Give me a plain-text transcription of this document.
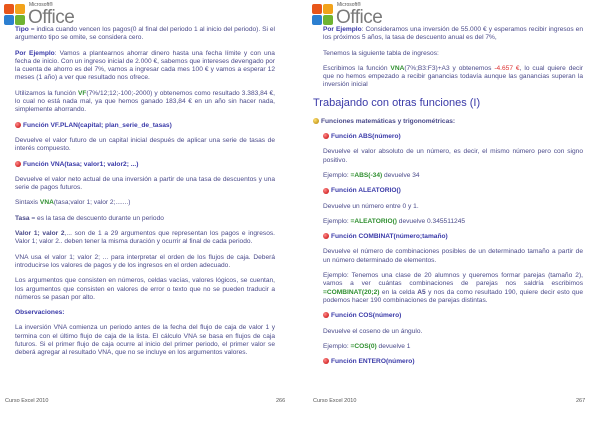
Microsoft®
Office
Microsoft®
Office

Tipo = indica cuando vencen los pagos(0 al final del periodo 1 al inicio del periodo). Si el argumento tipo se omite, se considera cero.

Por Ejemplo: Vamos a plantearnos ahorrar dinero hasta una fecha límite y con una fecha de inicio. Con un ingreso inicial de 2.000 €, sabemos que intereses devengado por la cuenta de ahorro es del 7%, vamos a ingresar cada mes 100 € y vamos a esperar 12 meses (1 año) a ver que resultado nos ofrece.

Utilizamos la función VF(7%/12;12;-100;-2000) y obtenemos como resultado 3.383,84 €, lo cual no está nada mal, ya que hemos ganado 183,84 € en un año sin hacer nada, simplemente ahorrando.

Función VF.PLAN(capital; plan_serie_de_tasas)

Devuelve el valor futuro de un capital inicial después de aplicar una serie de tasas de interés compuesto.

Función VNA(tasa; valor1; valor2; ...)

Devuelve el valor neto actual de una inversión a partir de una tasa de descuentos y una serie de pagos futuros.

Sintaxis VNA(tasa;valor 1; valor 2;.......)

Tasa = es la tasa de descuento durante un periodo

Valor 1; valor 2,... son de 1 a 29 argumentos que representan los pagos e ingresos. Valor 1; valor 2.. deben tener la misma duración y ocurrir al final de cada periodo.

VNA usa el valor 1; valor 2; ... para interpretar el orden de los flujos de caja. Deberá introducirse los valores de pagos y de los ingresos en el orden adecuado.

Los argumentos que consisten en números, celdas vacías, valores lógicos, se cuentan, los argumentos que consisten en valores de error o texto que no se pueden traducir a números se pasan por alto.

Observaciones:

La inversión VNA comienza un periodo antes de la fecha del flujo de caja de valor 1 y termina con el último flujo de caja de la lista. El cálculo VNA se basa en flujos de caja futuros. Si el primer flujo de caja ocurre al inicio del primer periodo, el primer valor se deberá agregar al resultado VNA, que no se incluye en los argumentos valores.

Por Ejemplo: Consideramos una inversión de 55.000 € y esperamos recibir ingresos en los próximos 5 años, la tasa de descuento anual es del 7%,

Tenemos la siguiente tabla de ingresos:

Escribimos la función VNA(7%;B3:F3)+A3 y obtenemos -4.657 €, lo cual quiere decir que no hemos empezado a recibir ganancias todavía aunque las ganancias superan la inversión inicial

Trabajando con otras funciones (I)

Funciones matemáticas y trigonométricas:

Función ABS(número)

Devuelve el valor absoluto de un número, es decir, el mismo número pero con signo positivo.

Ejemplo: =ABS(-34) devuelve 34

Función ALEATORIO()

Devuelve un número entre 0 y 1.

Ejemplo: =ALEATORIO() devuelve 0.345511245

Función COMBINAT(número;tamaño)

Devuelve el número de combinaciones posibles de un determinado tamaño a partir de un número determinado de elementos.

Ejemplo: Tenemos una clase de 20 alumnos y queremos formar parejas (tamaño 2), vamos a ver cuántas combinaciones de parejas nos saldría escribimos =COMBINAT(20;2) en la celda A5 y nos da como resultado 190, quiere decir esto que podemos hacer 190 combinaciones de parejas distintas.

Función COS(número)

Devuelve el coseno de un ángulo.

Ejemplo: =COS(0) devuelve 1

Función ENTERO(número)

Curso Excel 2010	266	Curso Excel 2010	267
